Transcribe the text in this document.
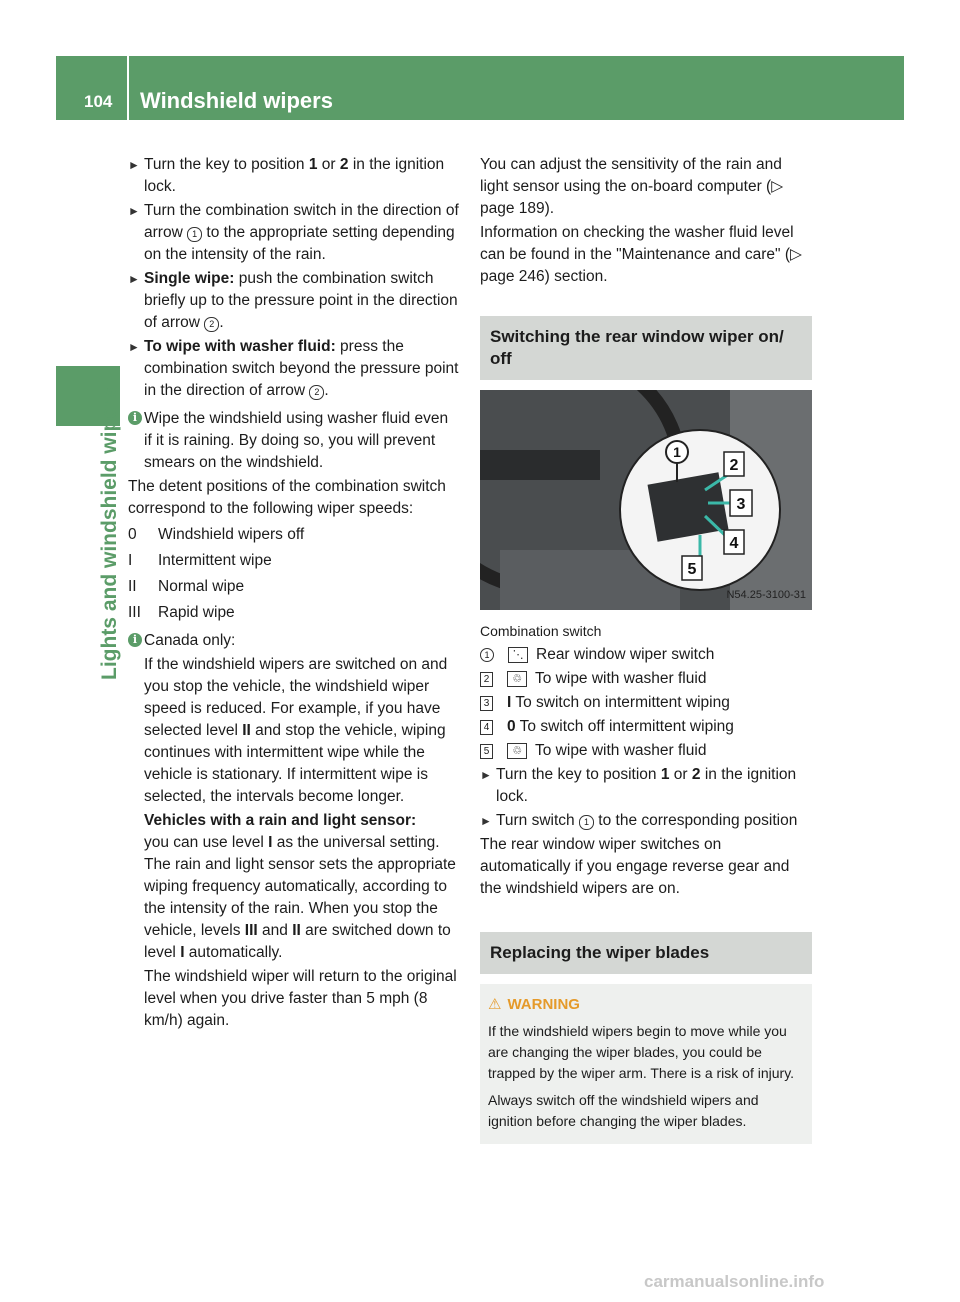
104 Windshield wipers
Lights and windshield wipers
► Turn the key to position 1 or 2 in the ignition lock.
► Turn the combination switch in the direction of arrow 1 to the appropriate setting depending on the intensity of the rain.
► Single wipe: push the combination switch briefly up to the pressure point in the direction of arrow 2 .
► To wipe with washer fluid: press the combination switch beyond the pressure point in the direction of arrow 2 .
i Wipe the windshield using washer fluid even if it is raining. By doing so, you will prevent smears on the windshield.

The detent positions of the combination switch correspond to the following wiper speeds:

0	Windshield wipers off
I	Intermittent wipe
II	Normal wipe
III	Rapid wipe
i Canada only:

If the windshield wipers are switched on and you stop the vehicle, the windshield wiper speed is reduced. For example, if you have selected level II and stop the vehicle, wiping continues with intermittent wipe while the vehicle is stationary. If intermittent wipe is selected, the intervals become longer.

Vehicles with a rain and light sensor:
you can use level I as the universal setting. The rain and light sensor sets the appropriate wiping frequency automatically, according to the intensity of the rain. When you stop the vehicle, levels III and II are switched down to level I automatically.

The windshield wiper will return to the original level when you drive faster than 5 mph (8 km/h) again.

You can adjust the sensitivity of the rain and light sensor using the on-board computer (▷ page 189).

Information on checking the washer fluid level can be found in the "Maintenance and care" (▷ page 246) section.

Switching the rear window wiper on/ off
1
2
3
4
5
N54.25-3100-31
Combination switch
1	⋱ Rear window wiper switch
2	♲ To wipe with washer fluid
3 I To switch on intermittent wiping
4 0 To switch off intermittent wiping
5	♲ To wipe with washer fluid
► Turn the key to position 1 or 2 in the ignition lock.
► Turn switch 1 to the corresponding position

The rear window wiper switches on automatically if you engage reverse gear and the windshield wipers are on.

Replacing the wiper blades
⚠ WARNING

If the windshield wipers begin to move while you are changing the wiper blades, you could be trapped by the wiper arm. There is a risk of injury.

Always switch off the windshield wipers and ignition before changing the wiper blades.

carmanualsonline.info
